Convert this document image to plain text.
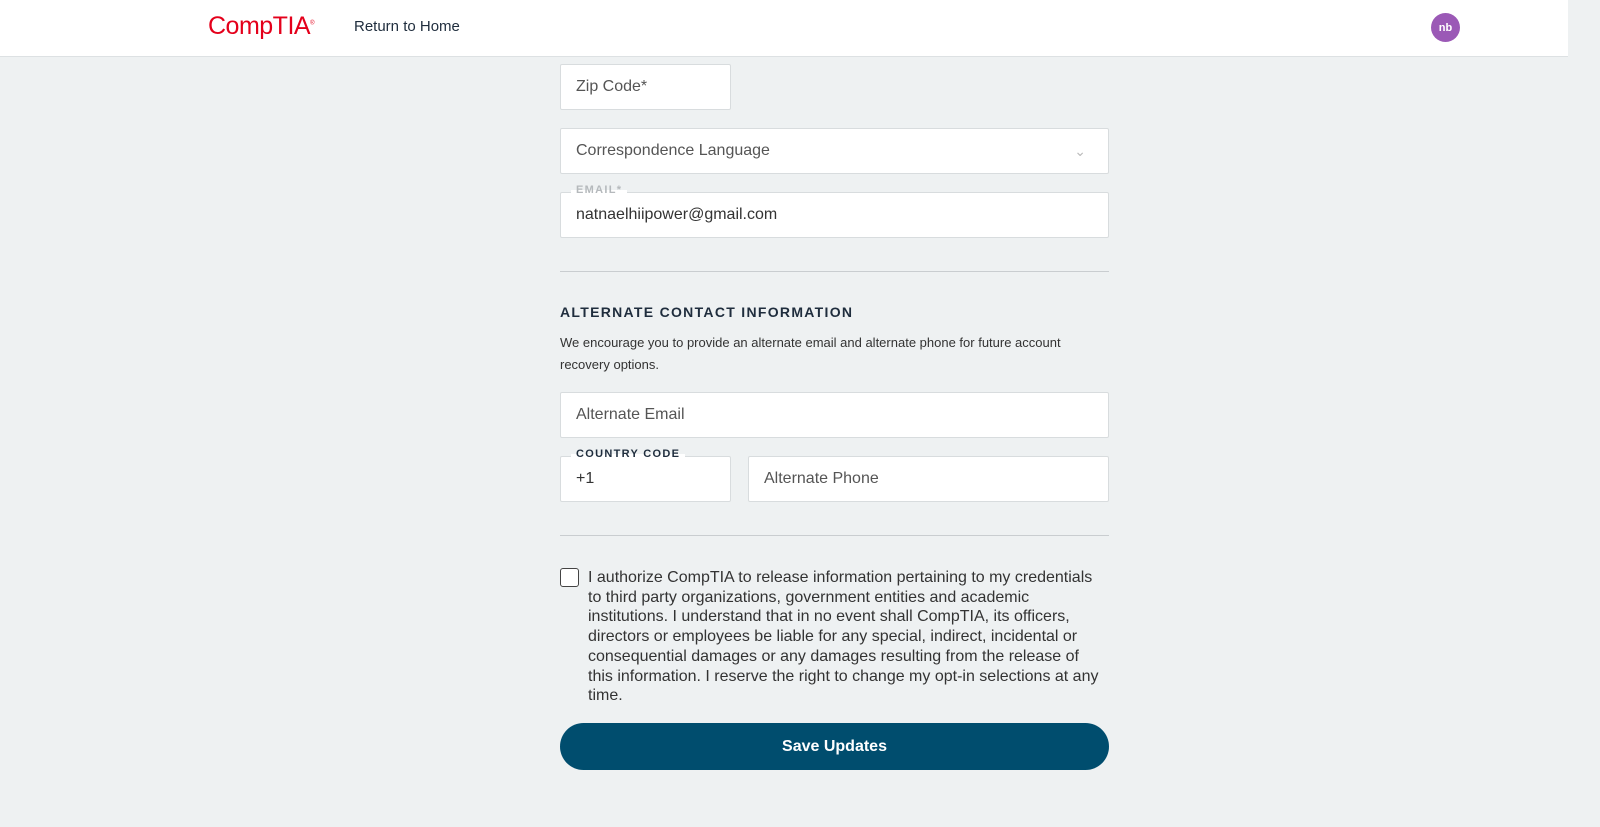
CompTIA®	Return to Home	nb
Zip Code*
Correspondence Language	⌄
EMAIL*
natnaelhiipower@gmail.com
ALTERNATE CONTACT INFORMATION

We encourage you to provide an alternate email and alternate phone for future account recovery options.

Alternate Email
COUNTRY CODE
+1	Alternate Phone

I authorize CompTIA to release information pertaining to my credentials to third party organizations, government entities and academic institutions. I understand that in no event shall CompTIA, its officers, directors or employees be liable for any special, indirect, incidental or consequential damages or any damages resulting from the release of this information. I reserve the right to change my opt-in selections at any time.

Save Updates
